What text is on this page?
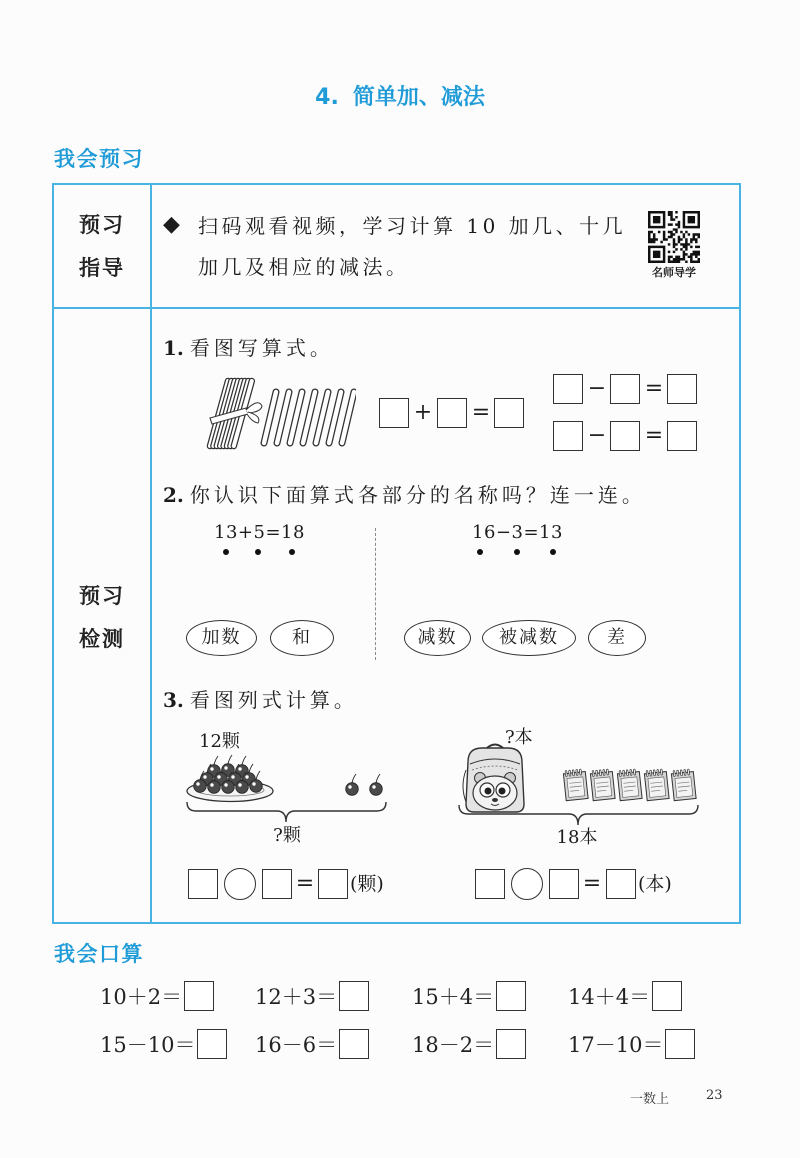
4. 简单加、减法
我会预习
预习
指导
◆ 扫码观看视频，学习计算 10 加几、十几
加几及相应的减法。	名师导学
预习
检测
1. 看图写算式。
+ =
− =
− =
2. 你认识下面算式各部分的名称吗？连一连。
13+5=18	16−3=13
加数	和	减数	被减数	差
3. 看图列式计算。
12颗
?颗
= (颗)
?本
18本
= (本)
我会口算
10＋2＝	12＋3＝	15＋4＝	14＋4＝
15－10＝	16－6＝	18－2＝	17－10＝
一数上	23
